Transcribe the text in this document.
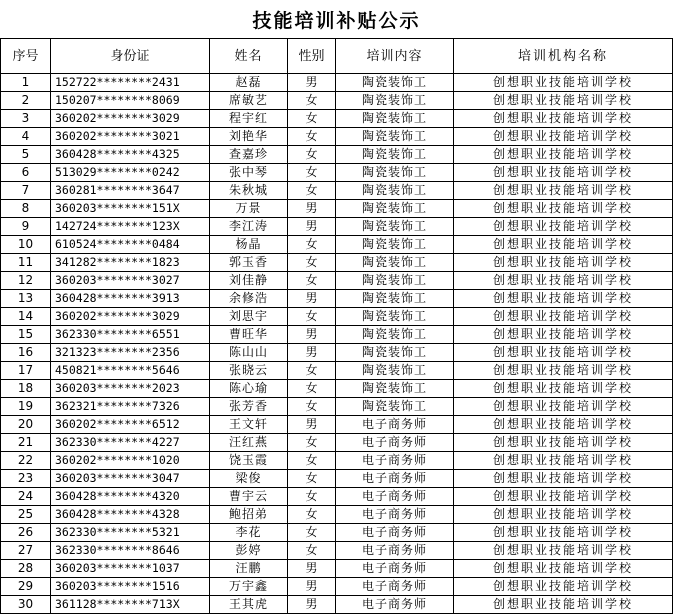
技能培训补贴公示
序号	身份证	姓名	性别	培训内容	培训机构名称
1	152722********2431	赵磊	男	陶瓷装饰工	创想职业技能培训学校
2	150207********8069	席敏艺	女	陶瓷装饰工	创想职业技能培训学校
3	360202********3029	程宇红	女	陶瓷装饰工	创想职业技能培训学校
4	360202********3021	刘艳华	女	陶瓷装饰工	创想职业技能培训学校
5	360428********4325	查嘉珍	女	陶瓷装饰工	创想职业技能培训学校
6	513029********0242	张中琴	女	陶瓷装饰工	创想职业技能培训学校
7	360281********3647	朱秋城	女	陶瓷装饰工	创想职业技能培训学校
8	360203********151X	万景	男	陶瓷装饰工	创想职业技能培训学校
9	142724********123X	李江涛	男	陶瓷装饰工	创想职业技能培训学校
10	610524********0484	杨晶	女	陶瓷装饰工	创想职业技能培训学校
11	341282********1823	郭玉香	女	陶瓷装饰工	创想职业技能培训学校
12	360203********3027	刘佳静	女	陶瓷装饰工	创想职业技能培训学校
13	360428********3913	余修浩	男	陶瓷装饰工	创想职业技能培训学校
14	360202********3029	刘思宇	女	陶瓷装饰工	创想职业技能培训学校
15	362330********6551	曹旺华	男	陶瓷装饰工	创想职业技能培训学校
16	321323********2356	陈山山	男	陶瓷装饰工	创想职业技能培训学校
17	450821********5646	张晓云	女	陶瓷装饰工	创想职业技能培训学校
18	360203********2023	陈心瑜	女	陶瓷装饰工	创想职业技能培训学校
19	362321********7326	张芳香	女	陶瓷装饰工	创想职业技能培训学校
20	360202********6512	王文轩	男	电子商务师	创想职业技能培训学校
21	362330********4227	汪红燕	女	电子商务师	创想职业技能培训学校
22	360202********1020	饶玉霞	女	电子商务师	创想职业技能培训学校
23	360203********3047	梁俊	女	电子商务师	创想职业技能培训学校
24	360428********4320	曹宇云	女	电子商务师	创想职业技能培训学校
25	360428********4328	鲍招弟	女	电子商务师	创想职业技能培训学校
26	362330********5321	李花	女	电子商务师	创想职业技能培训学校
27	362330********8646	彭婷	女	电子商务师	创想职业技能培训学校
28	360203********1037	汪鹏	男	电子商务师	创想职业技能培训学校
29	360203********1516	万宇鑫	男	电子商务师	创想职业技能培训学校
30	361128********713X	王其虎	男	电子商务师	创想职业技能培训学校
